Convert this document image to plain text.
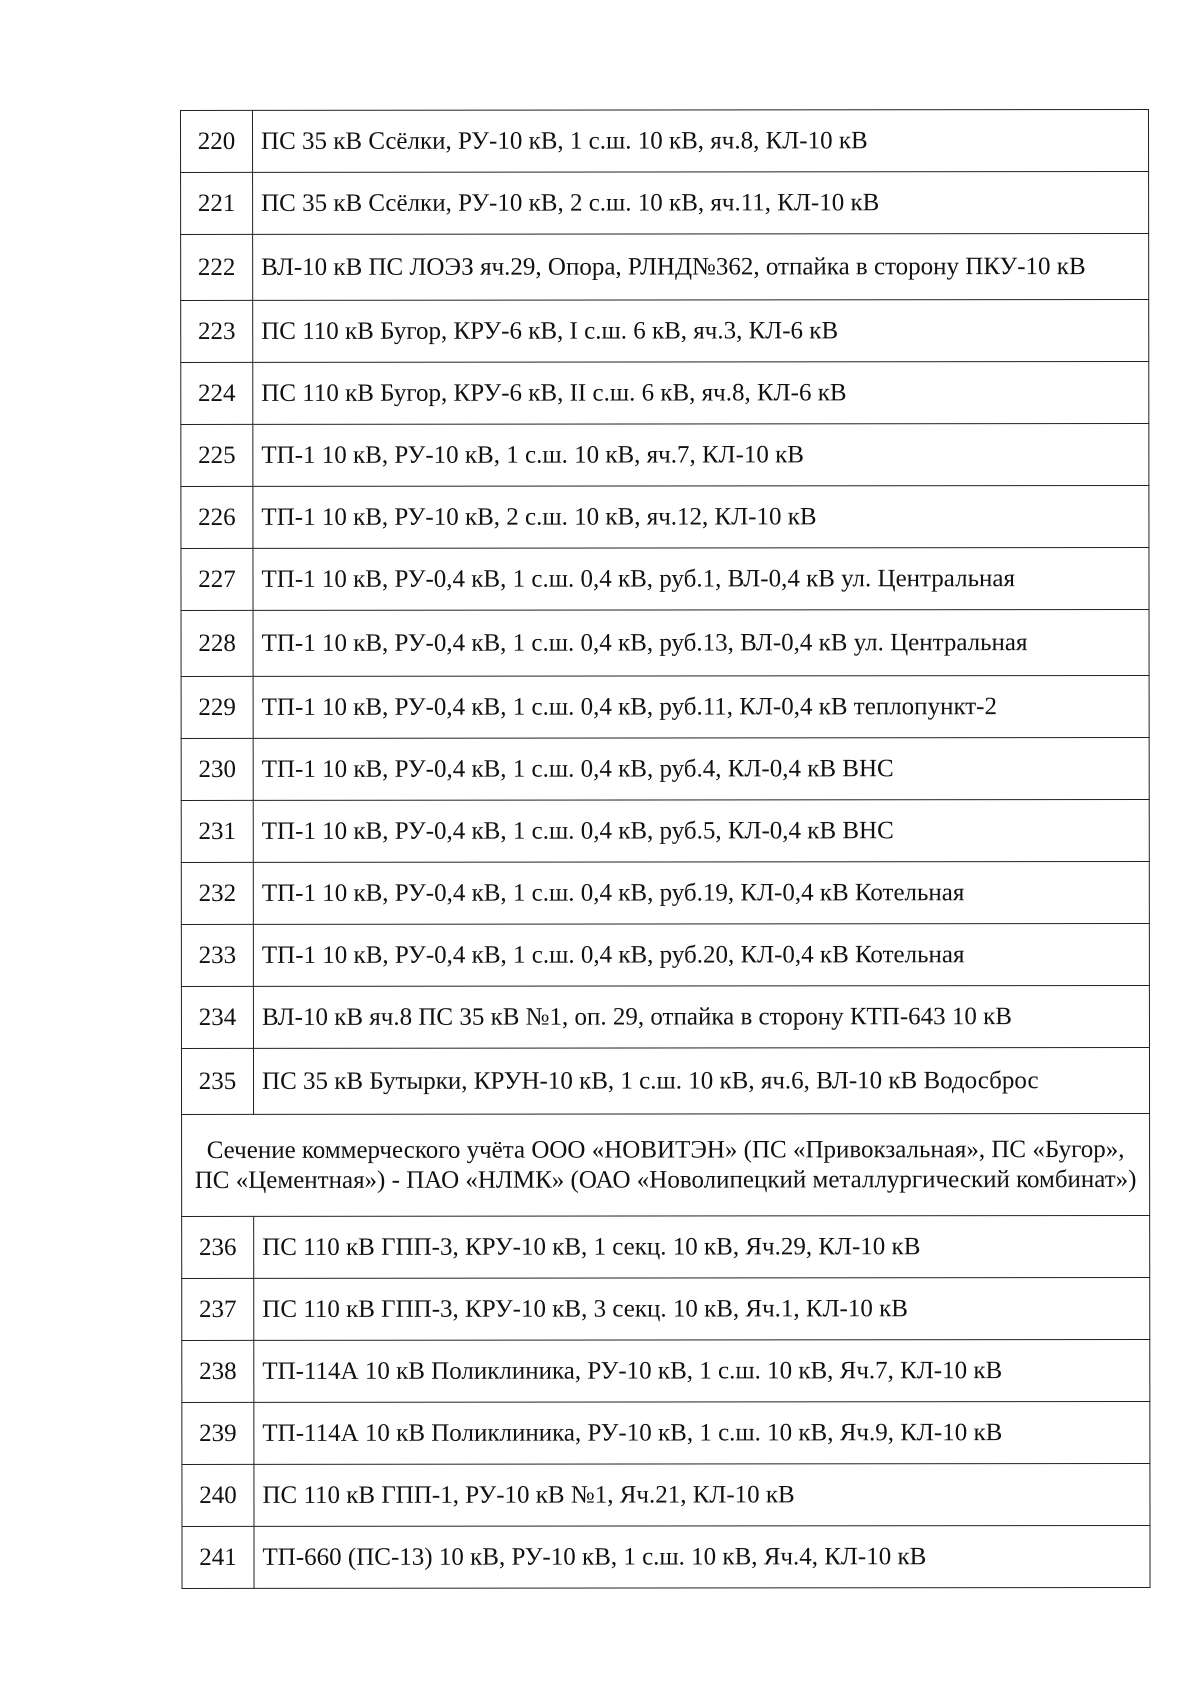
220	ПС 35 кВ Ссёлки, РУ-10 кВ, 1 с.ш. 10 кВ, яч.8, КЛ-10 кВ
221	ПС 35 кВ Ссёлки, РУ-10 кВ, 2 с.ш. 10 кВ, яч.11, КЛ-10 кВ
222	ВЛ-10 кВ ПС ЛОЭЗ яч.29, Опора, РЛНД№362, отпайка в сторону ПКУ-10 кВ
223	ПС 110 кВ Бугор, КРУ-6 кВ, I с.ш. 6 кВ, яч.3, КЛ-6 кВ
224	ПС 110 кВ Бугор, КРУ-6 кВ, II с.ш. 6 кВ, яч.8, КЛ-6 кВ
225	ТП-1 10 кВ, РУ-10 кВ, 1 с.ш. 10 кВ, яч.7, КЛ-10 кВ
226	ТП-1 10 кВ, РУ-10 кВ, 2 с.ш. 10 кВ, яч.12, КЛ-10 кВ
227	ТП-1 10 кВ, РУ-0,4 кВ, 1 с.ш. 0,4 кВ, руб.1, ВЛ-0,4 кВ ул. Центральная
228	ТП-1 10 кВ, РУ-0,4 кВ, 1 с.ш. 0,4 кВ, руб.13, ВЛ-0,4 кВ ул. Центральная
229	ТП-1 10 кВ, РУ-0,4 кВ, 1 с.ш. 0,4 кВ, руб.11, КЛ-0,4 кВ теплопункт-2
230	ТП-1 10 кВ, РУ-0,4 кВ, 1 с.ш. 0,4 кВ, руб.4, КЛ-0,4 кВ ВНС
231	ТП-1 10 кВ, РУ-0,4 кВ, 1 с.ш. 0,4 кВ, руб.5, КЛ-0,4 кВ ВНС
232	ТП-1 10 кВ, РУ-0,4 кВ, 1 с.ш. 0,4 кВ, руб.19, КЛ-0,4 кВ Котельная
233	ТП-1 10 кВ, РУ-0,4 кВ, 1 с.ш. 0,4 кВ, руб.20, КЛ-0,4 кВ Котельная
234	ВЛ-10 кВ яч.8 ПС 35 кВ №1, оп. 29, отпайка в сторону КТП-643 10 кВ
235	ПС 35 кВ Бутырки, КРУН-10 кВ, 1 с.ш. 10 кВ, яч.6, ВЛ-10 кВ Водосброс
Сечение коммерческого учёта ООО «НОВИТЭН» (ПС «Привокзальная», ПС «Бугор», ПС «Цементная») - ПАО «НЛМК» (ОАО «Новолипецкий металлургический комбинат»)	
236	ПС 110 кВ ГПП-3, КРУ-10 кВ, 1 секц. 10 кВ, Яч.29, КЛ-10 кВ
237	ПС 110 кВ ГПП-3, КРУ-10 кВ, 3 секц. 10 кВ, Яч.1, КЛ-10 кВ
238	ТП-114А 10 кВ Поликлиника, РУ-10 кВ, 1 с.ш. 10 кВ, Яч.7, КЛ-10 кВ
239	ТП-114А 10 кВ Поликлиника, РУ-10 кВ, 1 с.ш. 10 кВ, Яч.9, КЛ-10 кВ
240	ПС 110 кВ ГПП-1, РУ-10 кВ №1, Яч.21, КЛ-10 кВ
241	ТП-660 (ПС-13) 10 кВ, РУ-10 кВ, 1 с.ш. 10 кВ, Яч.4, КЛ-10 кВ
